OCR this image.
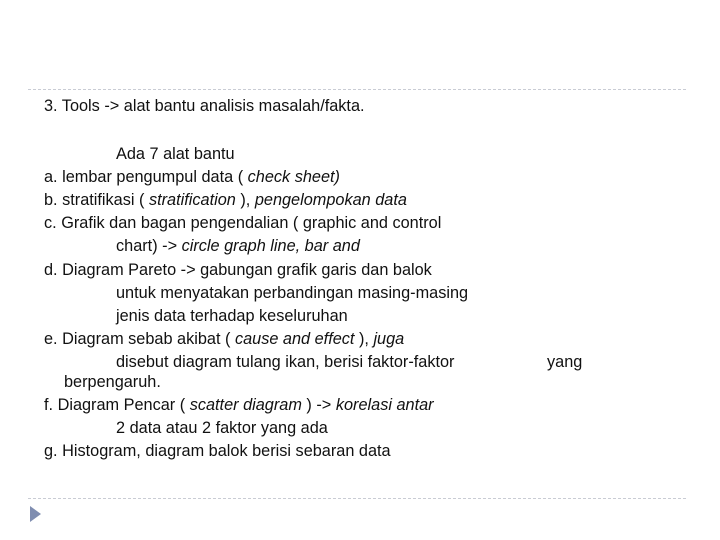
3. Tools -> alat bantu analisis masalah/fakta.
Ada 7 alat bantu
a. lembar pengumpul data ( check sheet)
b. stratifikasi ( stratification ), pengelompokan data
c. Grafik dan bagan pengendalian ( graphic and control
chart) -> circle graph line, bar and
d. Diagram Pareto -> gabungan grafik garis dan balok
untuk menyatakan perbandingan masing-masing
jenis data terhadap keseluruhan
e. Diagram sebab akibat ( cause and effect ), juga
disebut diagram tulang ikan, berisi faktor-faktor	yang
berpengaruh.
f. Diagram Pencar ( scatter diagram ) -> korelasi antar
2 data atau 2 faktor yang ada
g. Histogram, diagram balok berisi sebaran data
